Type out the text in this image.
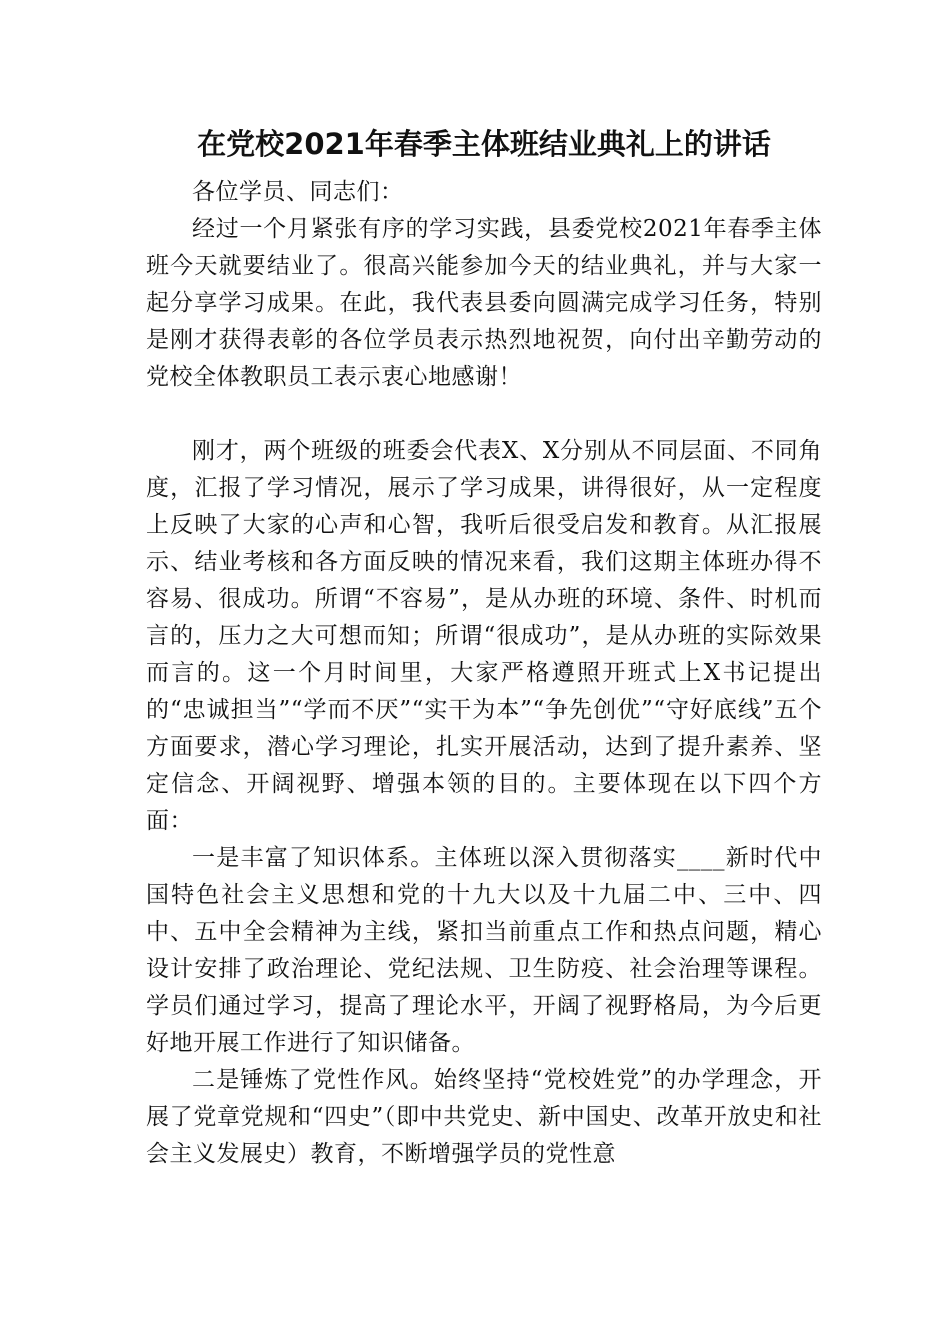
在党校2021年春季主体班结业典礼上的讲话

各位学员、同志们：

经过一个月紧张有序的学习实践，县委党校2021年春季主体班今天就要结业了。很高兴能参加今天的结业典礼，并与大家一起分享学习成果。在此，我代表县委向圆满完成学习任务，特别是刚才获得表彰的各位学员表示热烈地祝贺，向付出辛勤劳动的党校全体教职员工表示衷心地感谢！

刚才，两个班级的班委会代表X、X分别从不同层面、不同角度，汇报了学习情况，展示了学习成果，讲得很好，从一定程度上反映了大家的心声和心智，我听后很受启发和教育。从汇报展示、结业考核和各方面反映的情况来看，我们这期主体班办得不容易、很成功。所谓“不容易”，是从办班的环境、条件、时机而言的，压力之大可想而知；所谓“很成功”，是从办班的实际效果而言的。这一个月时间里，大家严格遵照开班式上X书记提出的“忠诚担当”“学而不厌”“实干为本”“争先创优”“守好底线”五个方面要求，潜心学习理论，扎实开展活动，达到了提升素养、坚定信念、开阔视野、增强本领的目的。主要体现在以下四个方面：

一是丰富了知识体系。主体班以深入贯彻落实____新时代中国特色社会主义思想和党的十九大以及十九届二中、三中、四中、五中全会精神为主线，紧扣当前重点工作和热点问题，精心设计安排了政治理论、党纪法规、卫生防疫、社会治理等课程。学员们通过学习，提高了理论水平，开阔了视野格局，为今后更好地开展工作进行了知识储备。

二是锤炼了党性作风。始终坚持“党校姓党”的办学理念，开展了党章党规和“四史”（即中共党史、新中国史、改革开放史和社会主义发展史）教育，不断增强学员的党性意
